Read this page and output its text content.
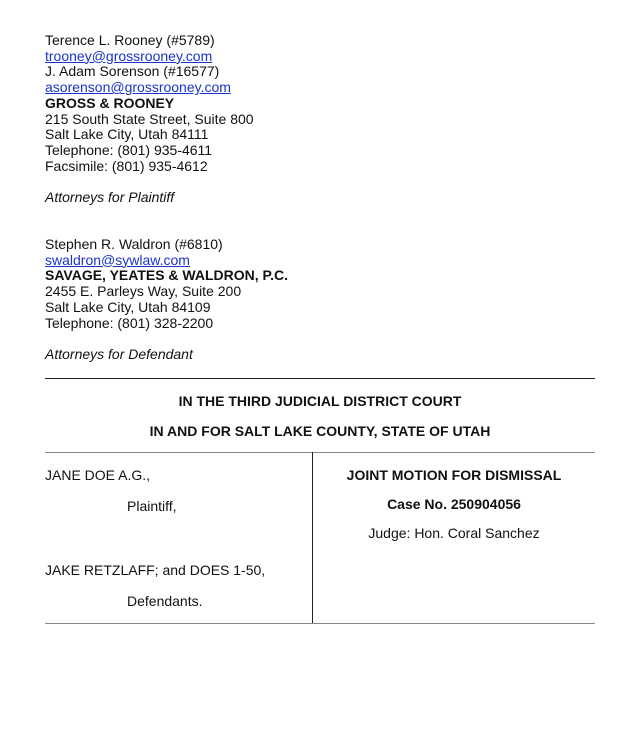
Terence L. Rooney (#5789)
trooney@grossrooney.com
J. Adam Sorenson (#16577)
asorenson@grossrooney.com
GROSS & ROONEY
215 South State Street, Suite 800
Salt Lake City, Utah 84111
Telephone: (801) 935-4611
Facsimile: (801) 935-4612
Attorneys for Plaintiff
Stephen R. Waldron (#6810)
swaldron@sywlaw.com
SAVAGE, YEATES & WALDRON, P.C.
2455 E. Parleys Way, Suite 200
Salt Lake City, Utah 84109
Telephone: (801) 328-2200
Attorneys for Defendant
IN THE THIRD JUDICIAL DISTRICT COURT
IN AND FOR SALT LAKE COUNTY, STATE OF UTAH
JANE DOE A.G.,
Plaintiff,
JAKE RETZLAFF; and DOES 1-50,
Defendants.
JOINT MOTION FOR DISMISSAL
Case No. 250904056
Judge: Hon. Coral Sanchez
